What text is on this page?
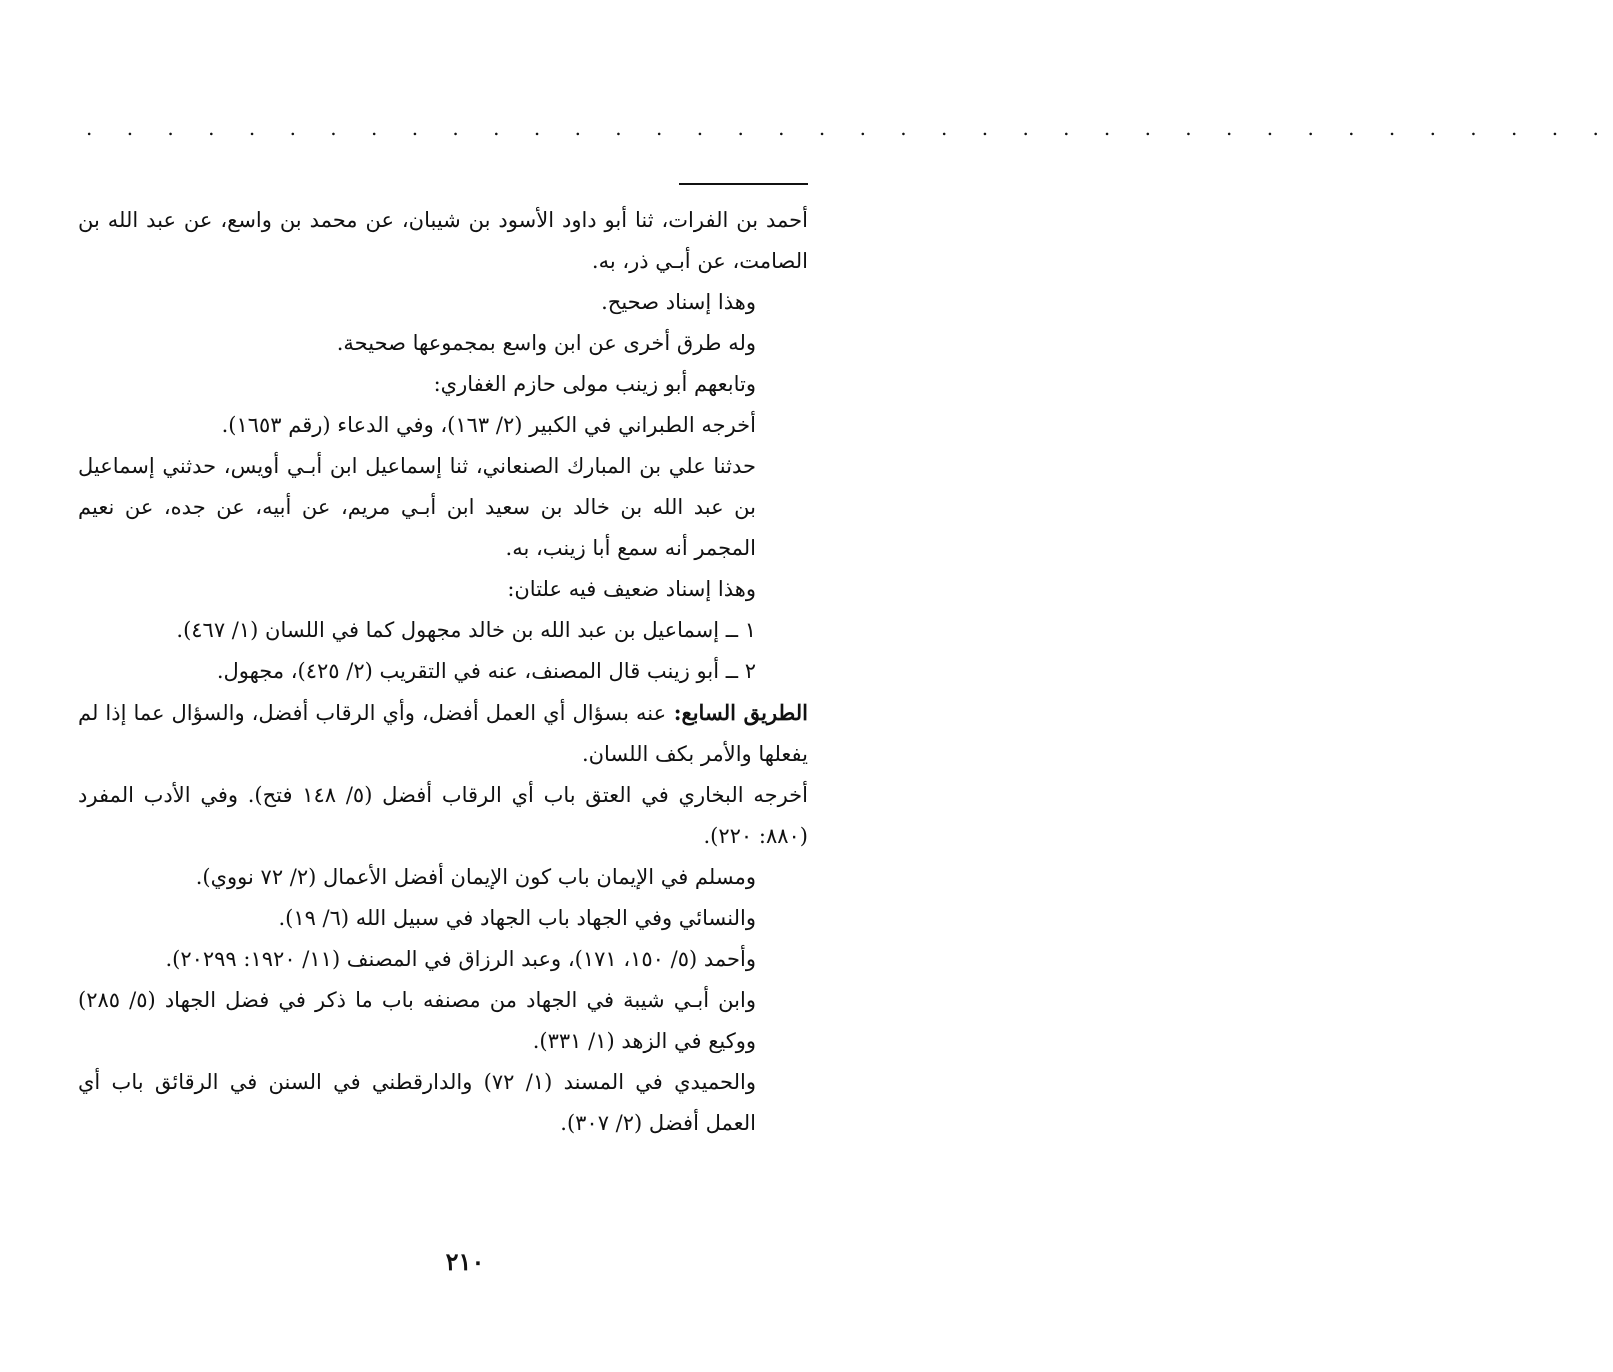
. . . . . . . . . . . . . . . . . . . . . . . . . . . . . . . . . . . . . .

أحمد بن الفرات، ثنا أبو داود الأسود بن شيبان، عن محمد بن واسع، عن عبد الله بن الصامت، عن أبـي ذر، به.

وهذا إسناد صحيح.

وله طرق أخرى عن ابن واسع بمجموعها صحيحة.

وتابعهم أبو زينب مولى حازم الغفاري:

أخرجه الطبراني في الكبير (٢/ ١٦٣)، وفي الدعاء (رقم ١٦٥٣).

حدثنا علي بن المبارك الصنعاني، ثنا إسماعيل ابن أبـي أويس، حدثني إسماعيل بن عبد الله بن خالد بن سعيد ابن أبـي مريم، عن أبيه، عن جده، عن نعيم المجمر أنه سمع أبا زينب، به.

وهذا إسناد ضعيف فيه علتان:

١ ــ إسماعيل بن عبد الله بن خالد مجهول كما في اللسان (١/ ٤٦٧).

٢ ــ أبو زينب قال المصنف، عنه في التقريب (٢/ ٤٢٥)، مجهول.

الطريق السابع: عنه بسؤال أي العمل أفضل، وأي الرقاب أفضل، والسؤال عما إذا لم يفعلها والأمر بكف اللسان.

أخرجه البخاري في العتق باب أي الرقاب أفضل (٥/ ١٤٨ فتح). وفي الأدب المفرد (٨٨٠: ٢٢٠).

ومسلم في الإيمان باب كون الإيمان أفضل الأعمال (٢/ ٧٢ نووي).

والنسائي وفي الجهاد باب الجهاد في سبيل الله (٦/ ١٩).

وأحمد (٥/ ١٥٠، ١٧١)، وعبد الرزاق في المصنف (١١/ ١٩٢٠: ٢٠٢٩٩).

وابن أبـي شيبة في الجهاد من مصنفه باب ما ذكر في فضل الجهاد (٥/ ٢٨٥) ووكيع في الزهد (١/ ٣٣١).

والحميدي في المسند (١/ ٧٢) والدارقطني في السنن في الرقائق باب أي العمل أفضل (٢/ ٣٠٧).

٢١٠
